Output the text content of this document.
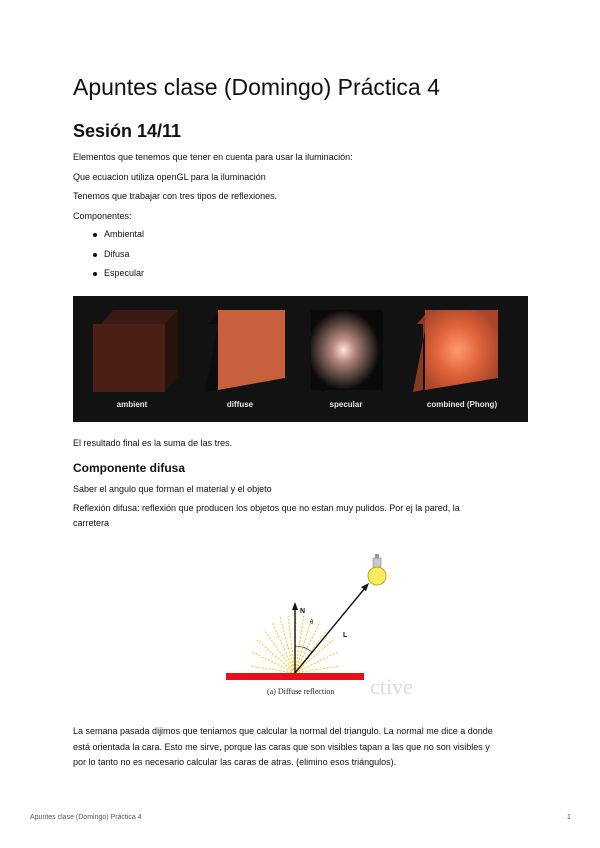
Apuntes clase (Domingo) Práctica 4
Sesión 14/11
Elementos que tenemos que tener en cuenta para usar la iluminación:
Que ecuacion utiliza openGL para la iluminación
Tenemos que trabajar con tres tipos de reflexiones.
Componentes:
Ambiental
Difusa
Especular
ambient	diffuse	specular	combined (Phong)
El resultado final es la suma de las tres.
Componente difusa
Saber el angulo que forman el material y el objeto
Reflexión difusa: reflexión que producen los objetos que no estan muy pulidos. Por ej la pared, la
carretera
ctive
N
θ
L
(a) Diffuse reflection
La semana pasada dijimos que teniamos que calcular la normal del triangulo. La normal me dice a donde
está orientada la cara. Esto me sirve, porque las caras que son visibles tapan a las que no son visibles y
por lo tanto no es necesario calcular las caras de atras. (elimino esos triángulos).
Apuntes clase (Domingo) Práctica 4	1
